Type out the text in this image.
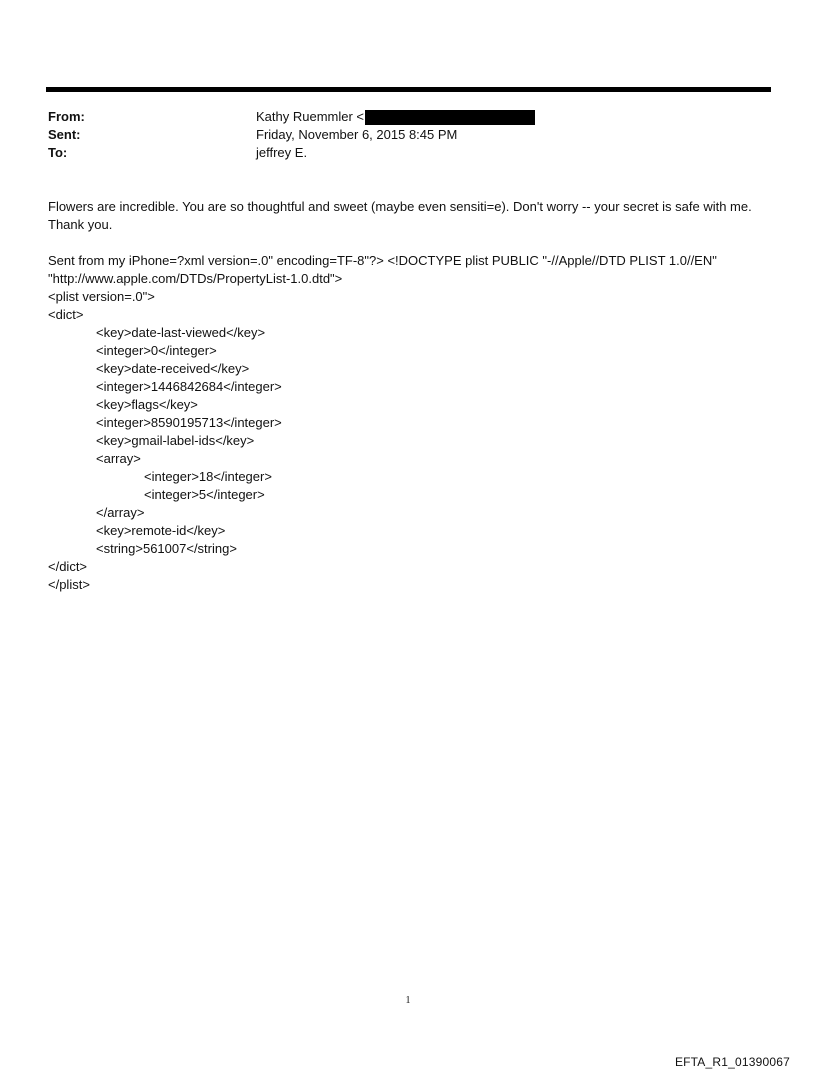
From:	Kathy Ruemmler <
Sent:	Friday, November 6, 2015 8:45 PM
To:	jeffrey E.
Flowers are incredible. You are so thoughtful and sweet (maybe even sensiti=e). Don't worry -- your secret is safe with me. Thank you.
Sent from my iPhone=?xml version=.0" encoding=TF-8"?> <!DOCTYPE plist PUBLIC "-//Apple//DTD PLIST 1.0//EN"
"http://www.apple.com/DTDs/PropertyList-1.0.dtd">
<plist version=.0">
<dict>
<key>date-last-viewed</key>
<integer>0</integer>
<key>date-received</key>
<integer>1446842684</integer>
<key>flags</key>
<integer>8590195713</integer>
<key>gmail-label-ids</key>
<array>
<integer>18</integer>
<integer>5</integer>
</array>
<key>remote-id</key>
<string>561007</string>
</dict>
</plist>
1
EFTA_R1_01390067
